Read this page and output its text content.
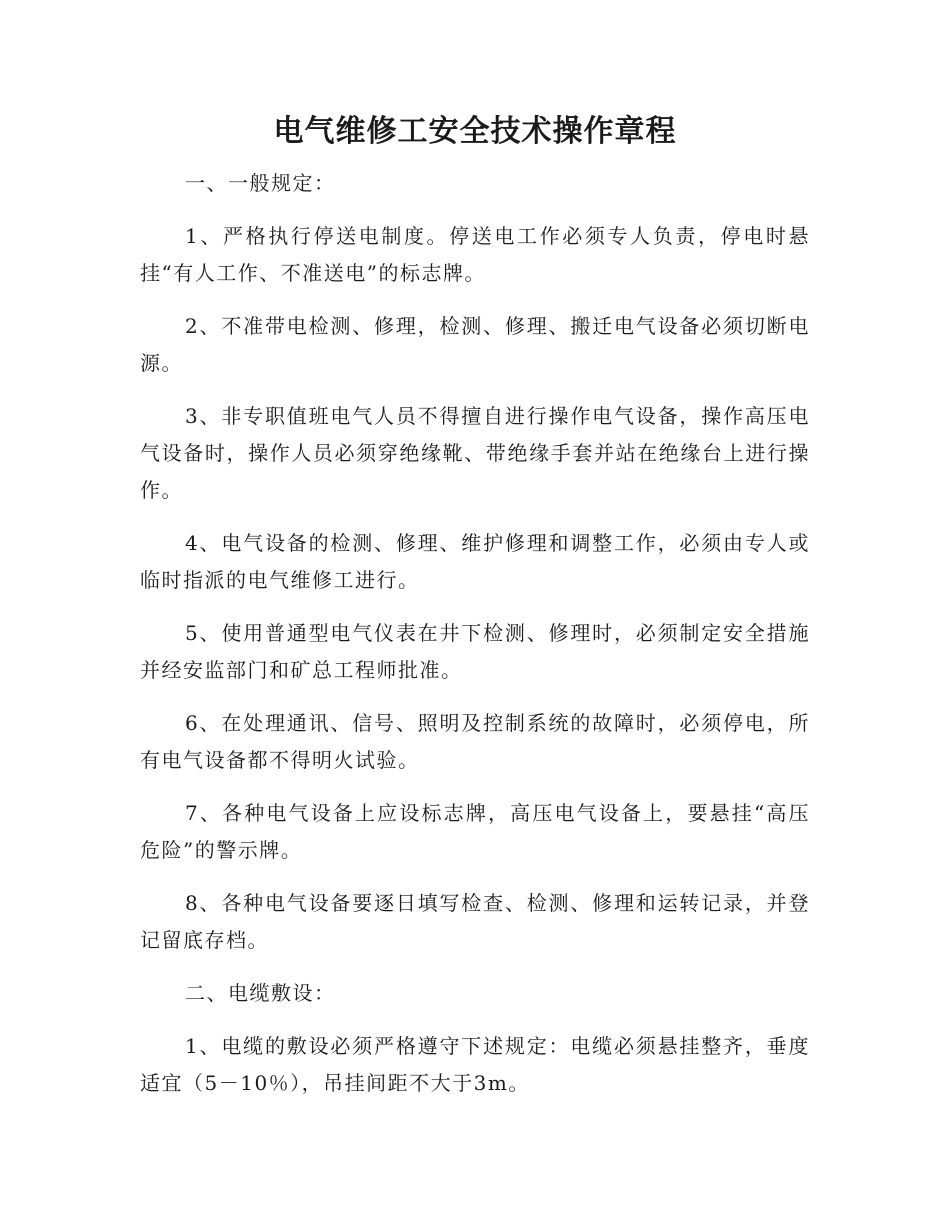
电气维修工安全技术操作章程

一、一般规定：

1、严格执行停送电制度。停送电工作必须专人负责，停电时悬挂“有人工作、不准送电”的标志牌。

2、不准带电检测、修理，检测、修理、搬迁电气设备必须切断电源。

3、非专职值班电气人员不得擅自进行操作电气设备，操作高压电气设备时，操作人员必须穿绝缘靴、带绝缘手套并站在绝缘台上进行操作。

4、电气设备的检测、修理、维护修理和调整工作，必须由专人或临时指派的电气维修工进行。

5、使用普通型电气仪表在井下检测、修理时，必须制定安全措施并经安监部门和矿总工程师批准。

6、在处理通讯、信号、照明及控制系统的故障时，必须停电，所有电气设备都不得明火试验。

7、各种电气设备上应设标志牌，高压电气设备上，要悬挂“高压危险”的警示牌。

8、各种电气设备要逐日填写检查、检测、修理和运转记录，并登记留底存档。

二、电缆敷设：

1、电缆的敷设必须严格遵守下述规定：电缆必须悬挂整齐，垂度适宜（5－10％），吊挂间距不大于3m。
